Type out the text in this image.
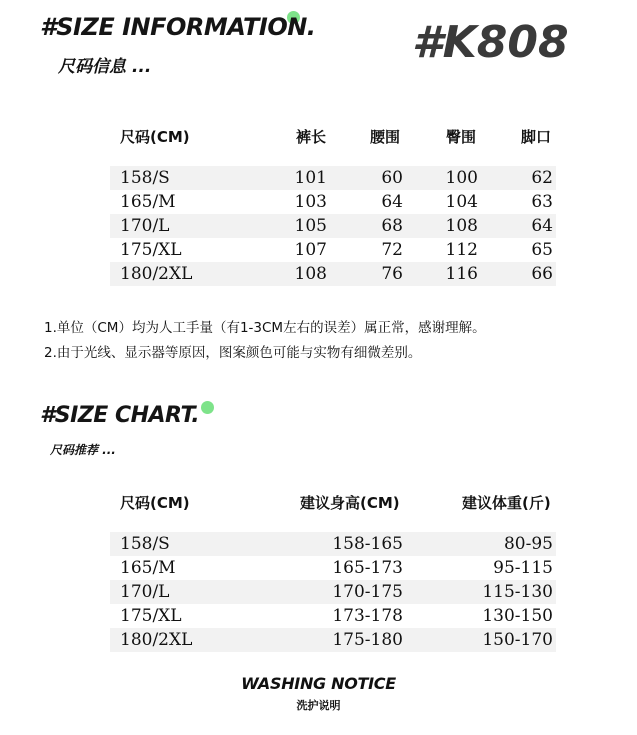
#SIZE INFORMATION.
尺码信息 ...	#K808
尺码(CM)	裤长	腰围	臀围	脚口
158/S	101	60	100	62
165/M	103	64	104	63
170/L	105	68	108	64
175/XL	107	72	112	65
180/2XL	108	76	116	66
1.单位（CM）均为人工手量（有1-3CM左右的误差）属正常，感谢理解。
2.由于光线、显示器等原因，图案颜色可能与实物有细微差别。
#SIZE CHART.
尺码推荐 ...
尺码(CM)	建议身高(CM)	建议体重(斤)
158/S	158-165	80-95
165/M	165-173	95-115
170/L	170-175	115-130
175/XL	173-178	130-150
180/2XL	175-180	150-170
WASHING NOTICE
洗护说明
